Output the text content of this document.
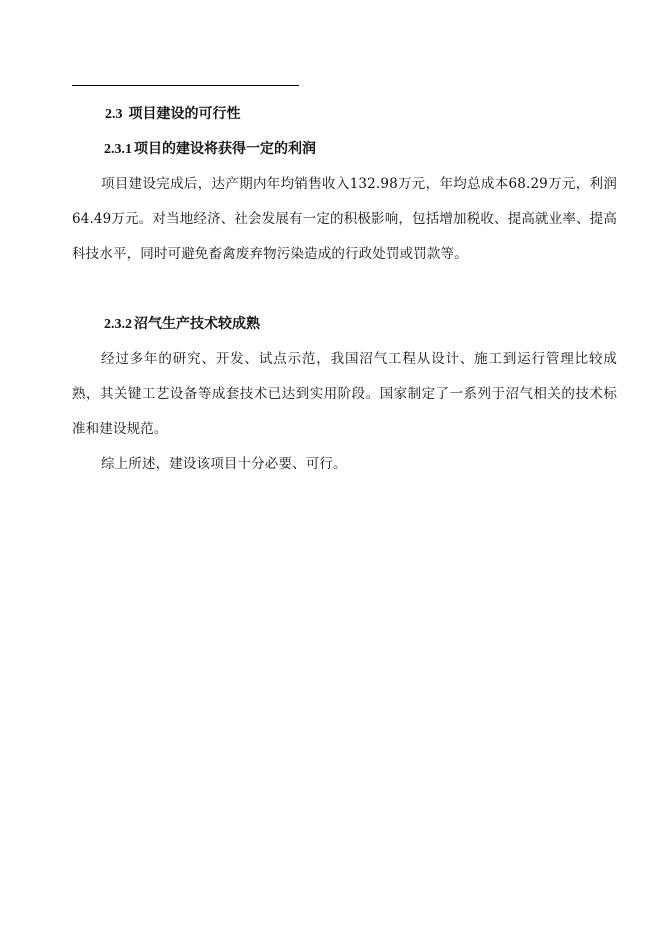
2.3 项目建设的可行性
2.3.1 项目的建设将获得一定的利润

项目建设完成后，达产期内年均销售收入132.98万元，年均总成本68.29万元，利润64.49万元。对当地经济、社会发展有一定的积极影响，包括增加税收、提高就业率、提高科技水平，同时可避免畜禽废弃物污染造成的行政处罚或罚款等。

2.3.2 沼气生产技术较成熟

经过多年的研究、开发、试点示范，我国沼气工程从设计、施工到运行管理比较成熟，其关键工艺设备等成套技术已达到实用阶段。国家制定了一系列于沼气相关的技术标准和建设规范。

综上所述，建设该项目十分必要、可行。
